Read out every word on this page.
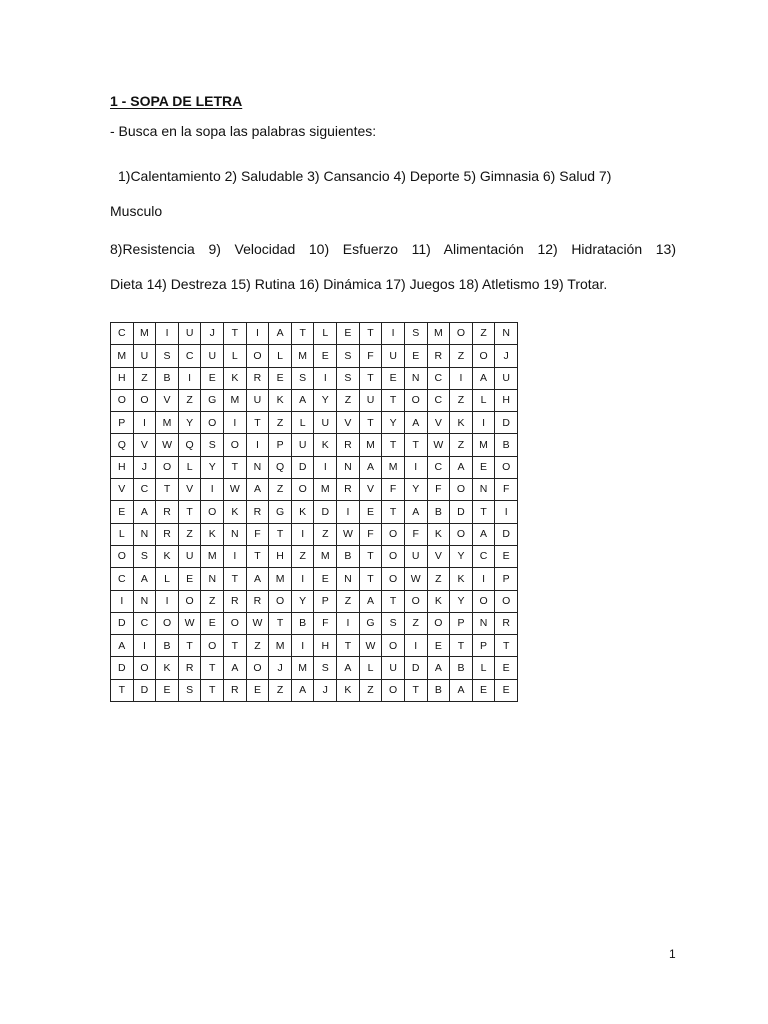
1 - SOPA DE LETRA
- Busca en la sopa las palabras siguientes:
1)Calentamiento 2) Saludable 3) Cansancio 4) Deporte 5) Gimnasia 6) Salud 7)
Musculo
8)Resistencia 9) Velocidad 10) Esfuerzo 11) Alimentación 12) Hidratación 13)
Dieta 14) Destreza 15) Rutina 16) Dinámica 17) Juegos 18) Atletismo 19) Trotar.
C	M	I	U	J	T	I	A	T	L	E	T	I	S	M	O	Z	N
M	U	S	C	U	L	O	L	M	E	S	F	U	E	R	Z	O	J
H	Z	B	I	E	K	R	E	S	I	S	T	E	N	C	I	A	U
O	O	V	Z	G	M	U	K	A	Y	Z	U	T	O	C	Z	L	H
P	I	M	Y	O	I	T	Z	L	U	V	T	Y	A	V	K	I	D
Q	V	W	Q	S	O	I	P	U	K	R	M	T	T	W	Z	M	B
H	J	O	L	Y	T	N	Q	D	I	N	A	M	I	C	A	E	O
V	C	T	V	I	W	A	Z	O	M	R	V	F	Y	F	O	N	F
E	A	R	T	O	K	R	G	K	D	I	E	T	A	B	D	T	I
L	N	R	Z	K	N	F	T	I	Z	W	F	O	F	K	O	A	D
O	S	K	U	M	I	T	H	Z	M	B	T	O	U	V	Y	C	E
C	A	L	E	N	T	A	M	I	E	N	T	O	W	Z	K	I	P
I	N	I	O	Z	R	R	O	Y	P	Z	A	T	O	K	Y	O	O
D	C	O	W	E	O	W	T	B	F	I	G	S	Z	O	P	N	R
A	I	B	T	O	T	Z	M	I	H	T	W	O	I	E	T	P	T
D	O	K	R	T	A	O	J	M	S	A	L	U	D	A	B	L	E
T	D	E	S	T	R	E	Z	A	J	K	Z	O	T	B	A	E	E
1
